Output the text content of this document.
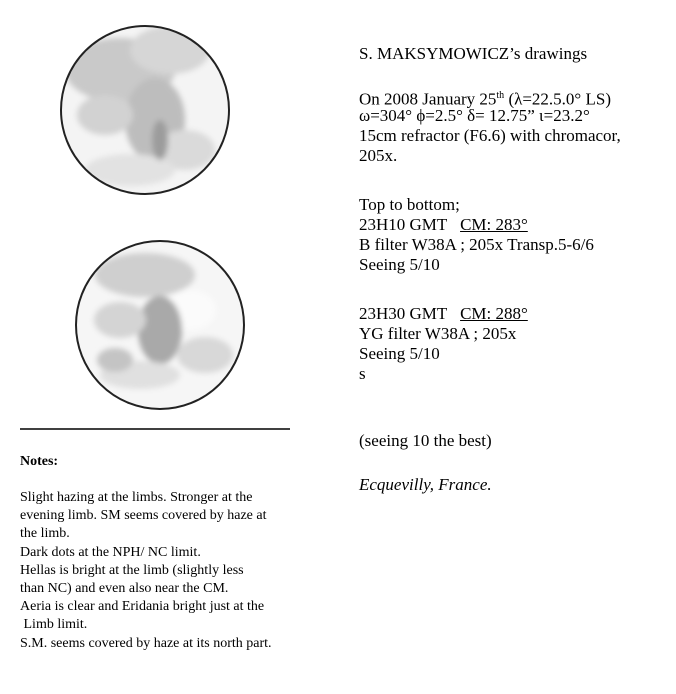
S. MAKSYMOWICZ’s drawings
On 2008 January 25th (λ=22.5.0° LS)
ω=304° ϕ=2.5° δ= 12.75” ι=23.2°
15cm refractor (F6.6) with chromacor,
205x.
Top to bottom;
23H10 GMT CM: 283°
B filter W38A ; 205x Transp.5-6/6
Seeing 5/10
23H30 GMT CM: 288°
YG filter W38A ; 205x
Seeing 5/10
s
(seeing 10 the best)
Ecquevilly, France.
Notes:
Slight hazing at the limbs. Stronger at the
evening limb. SM seems covered by haze at
the limb.
Dark dots at the NPH/ NC limit.
Hellas is bright at the limb (slightly less
than NC) and even also near the CM.
Aeria is clear and Eridania bright just at the
Limb limit.
S.M. seems covered by haze at its north part.
